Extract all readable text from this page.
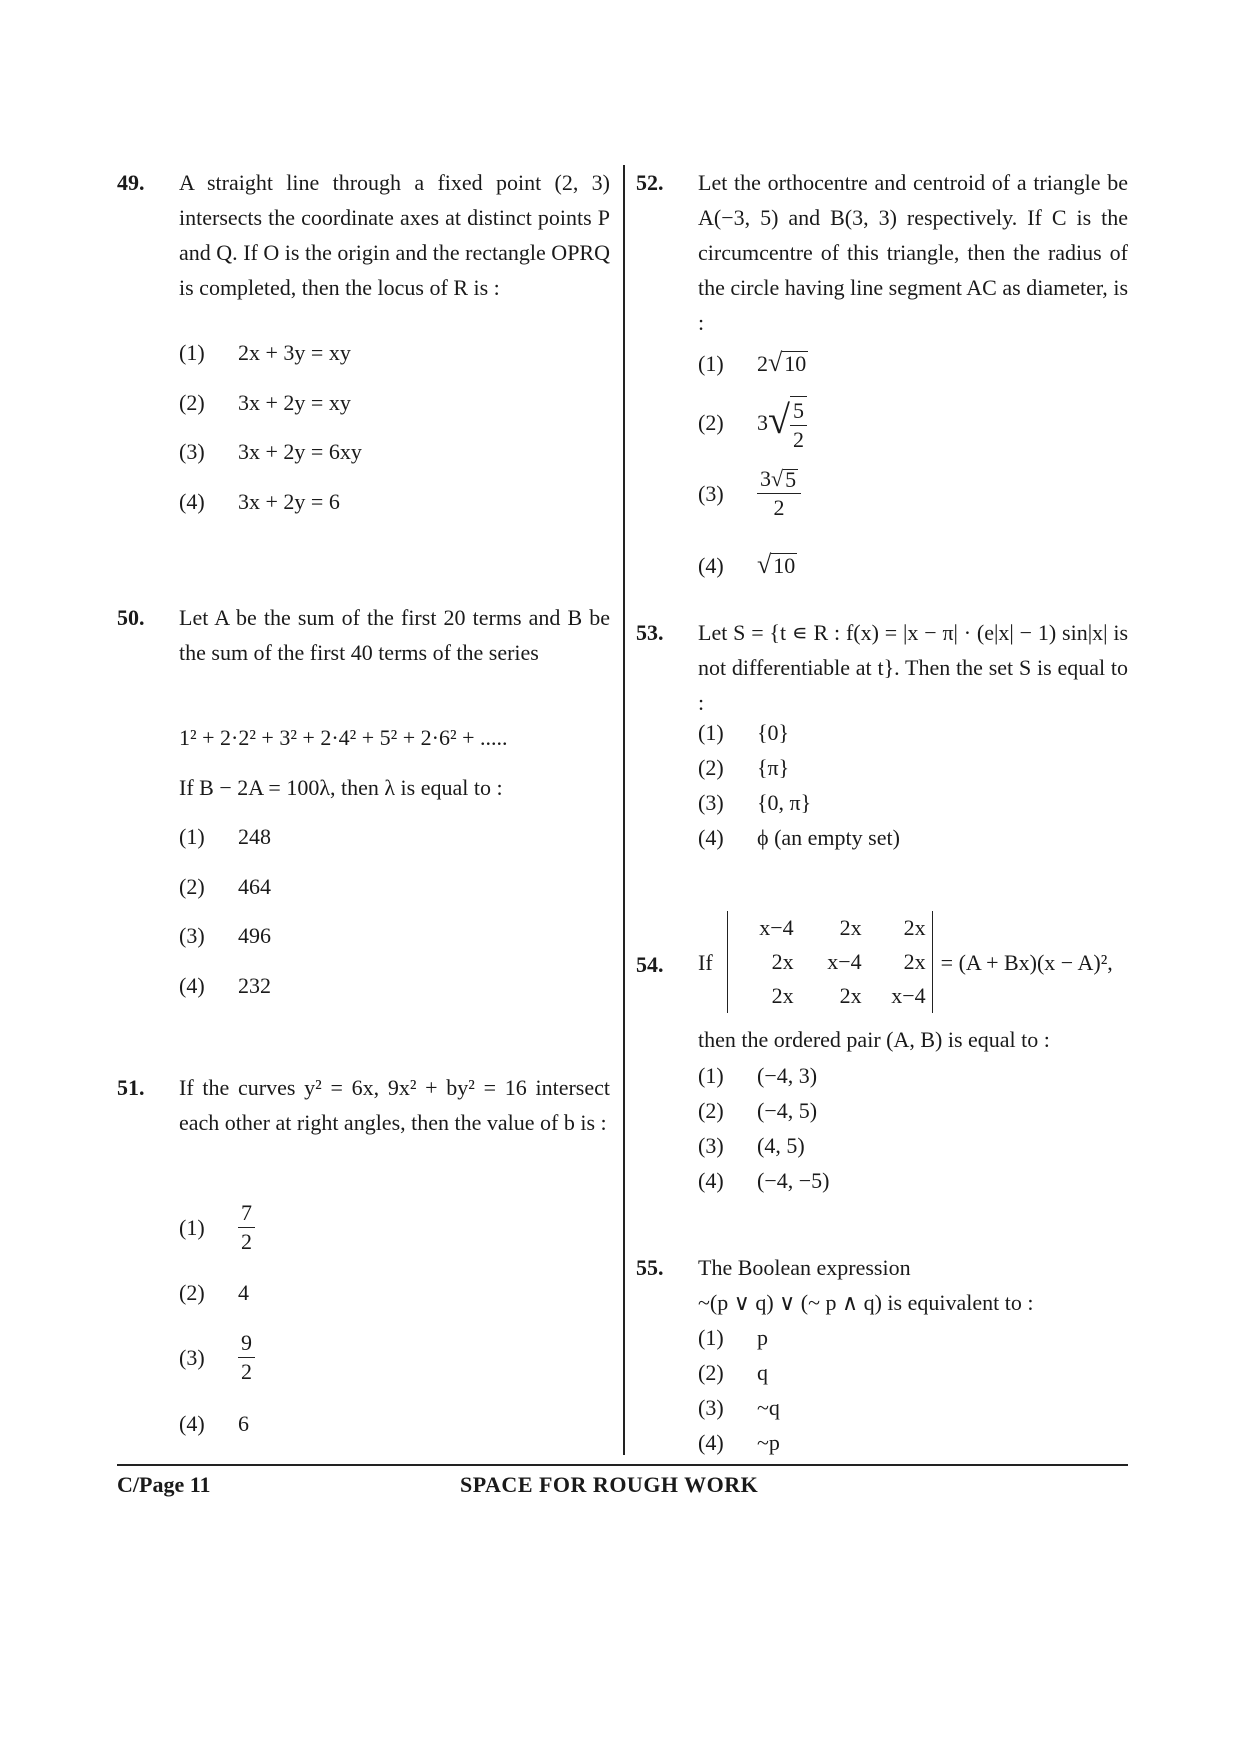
49. A straight line through a fixed point (2, 3) intersects the coordinate axes at distinct points P and Q. If O is the origin and the rectangle OPRQ is completed, then the locus of R is :
(1)	2x + 3y = xy
(2)	3x + 2y = xy
(3)	3x + 2y = 6xy
(4)	3x + 2y = 6
50. Let A be the sum of the first 20 terms and B be the sum of the first 40 terms of the series
1² + 2·2² + 3² + 2·4² + 5² + 2·6² + .....
If B − 2A = 100λ, then λ is equal to :
(1)	248
(2)	464
(3)	496
(4)	232
51. If the curves y² = 6x, 9x² + by² = 16 intersect each other at right angles, then the value of b is :
(1)	$\frac{7}{2}$
(2)	4
(3)	$\frac{9}{2}$
(4)	6
52. Let the orthocentre and centroid of a triangle be A(−3, 5) and B(3, 3) respectively. If C is the circumcentre of this triangle, then the radius of the circle having line segment AC as diameter, is :
(1)	2 √ 10
(2)	3 √ $\frac{5}{2}$
(3)	$\frac{3 √ 5}{2}$
(4)	√ 10
53. Let S = {t ∊ R : f(x) = |x − π| · (e|x| − 1) sin|x| is not differentiable at t}. Then the set S is equal to :
(1)	{0}
(2)	{π}
(3)	{0, π}
(4)	ϕ (an empty set)
54. If
x−4	2x	2x
2x	x−4	2x
2x	2x	x−4
= (A + Bx)(x − A)²,
then the ordered pair (A, B) is equal to :
(1)	(−4, 3)
(2)	(−4, 5)
(3)	(4, 5)
(4)	(−4, −5)
55. The Boolean expression
~(p ∨ q) ∨ (~ p ∧ q) is equivalent to :
(1)	p
(2)	q
(3)	~q
(4)	~p
C/Page 11	SPACE FOR ROUGH WORK
